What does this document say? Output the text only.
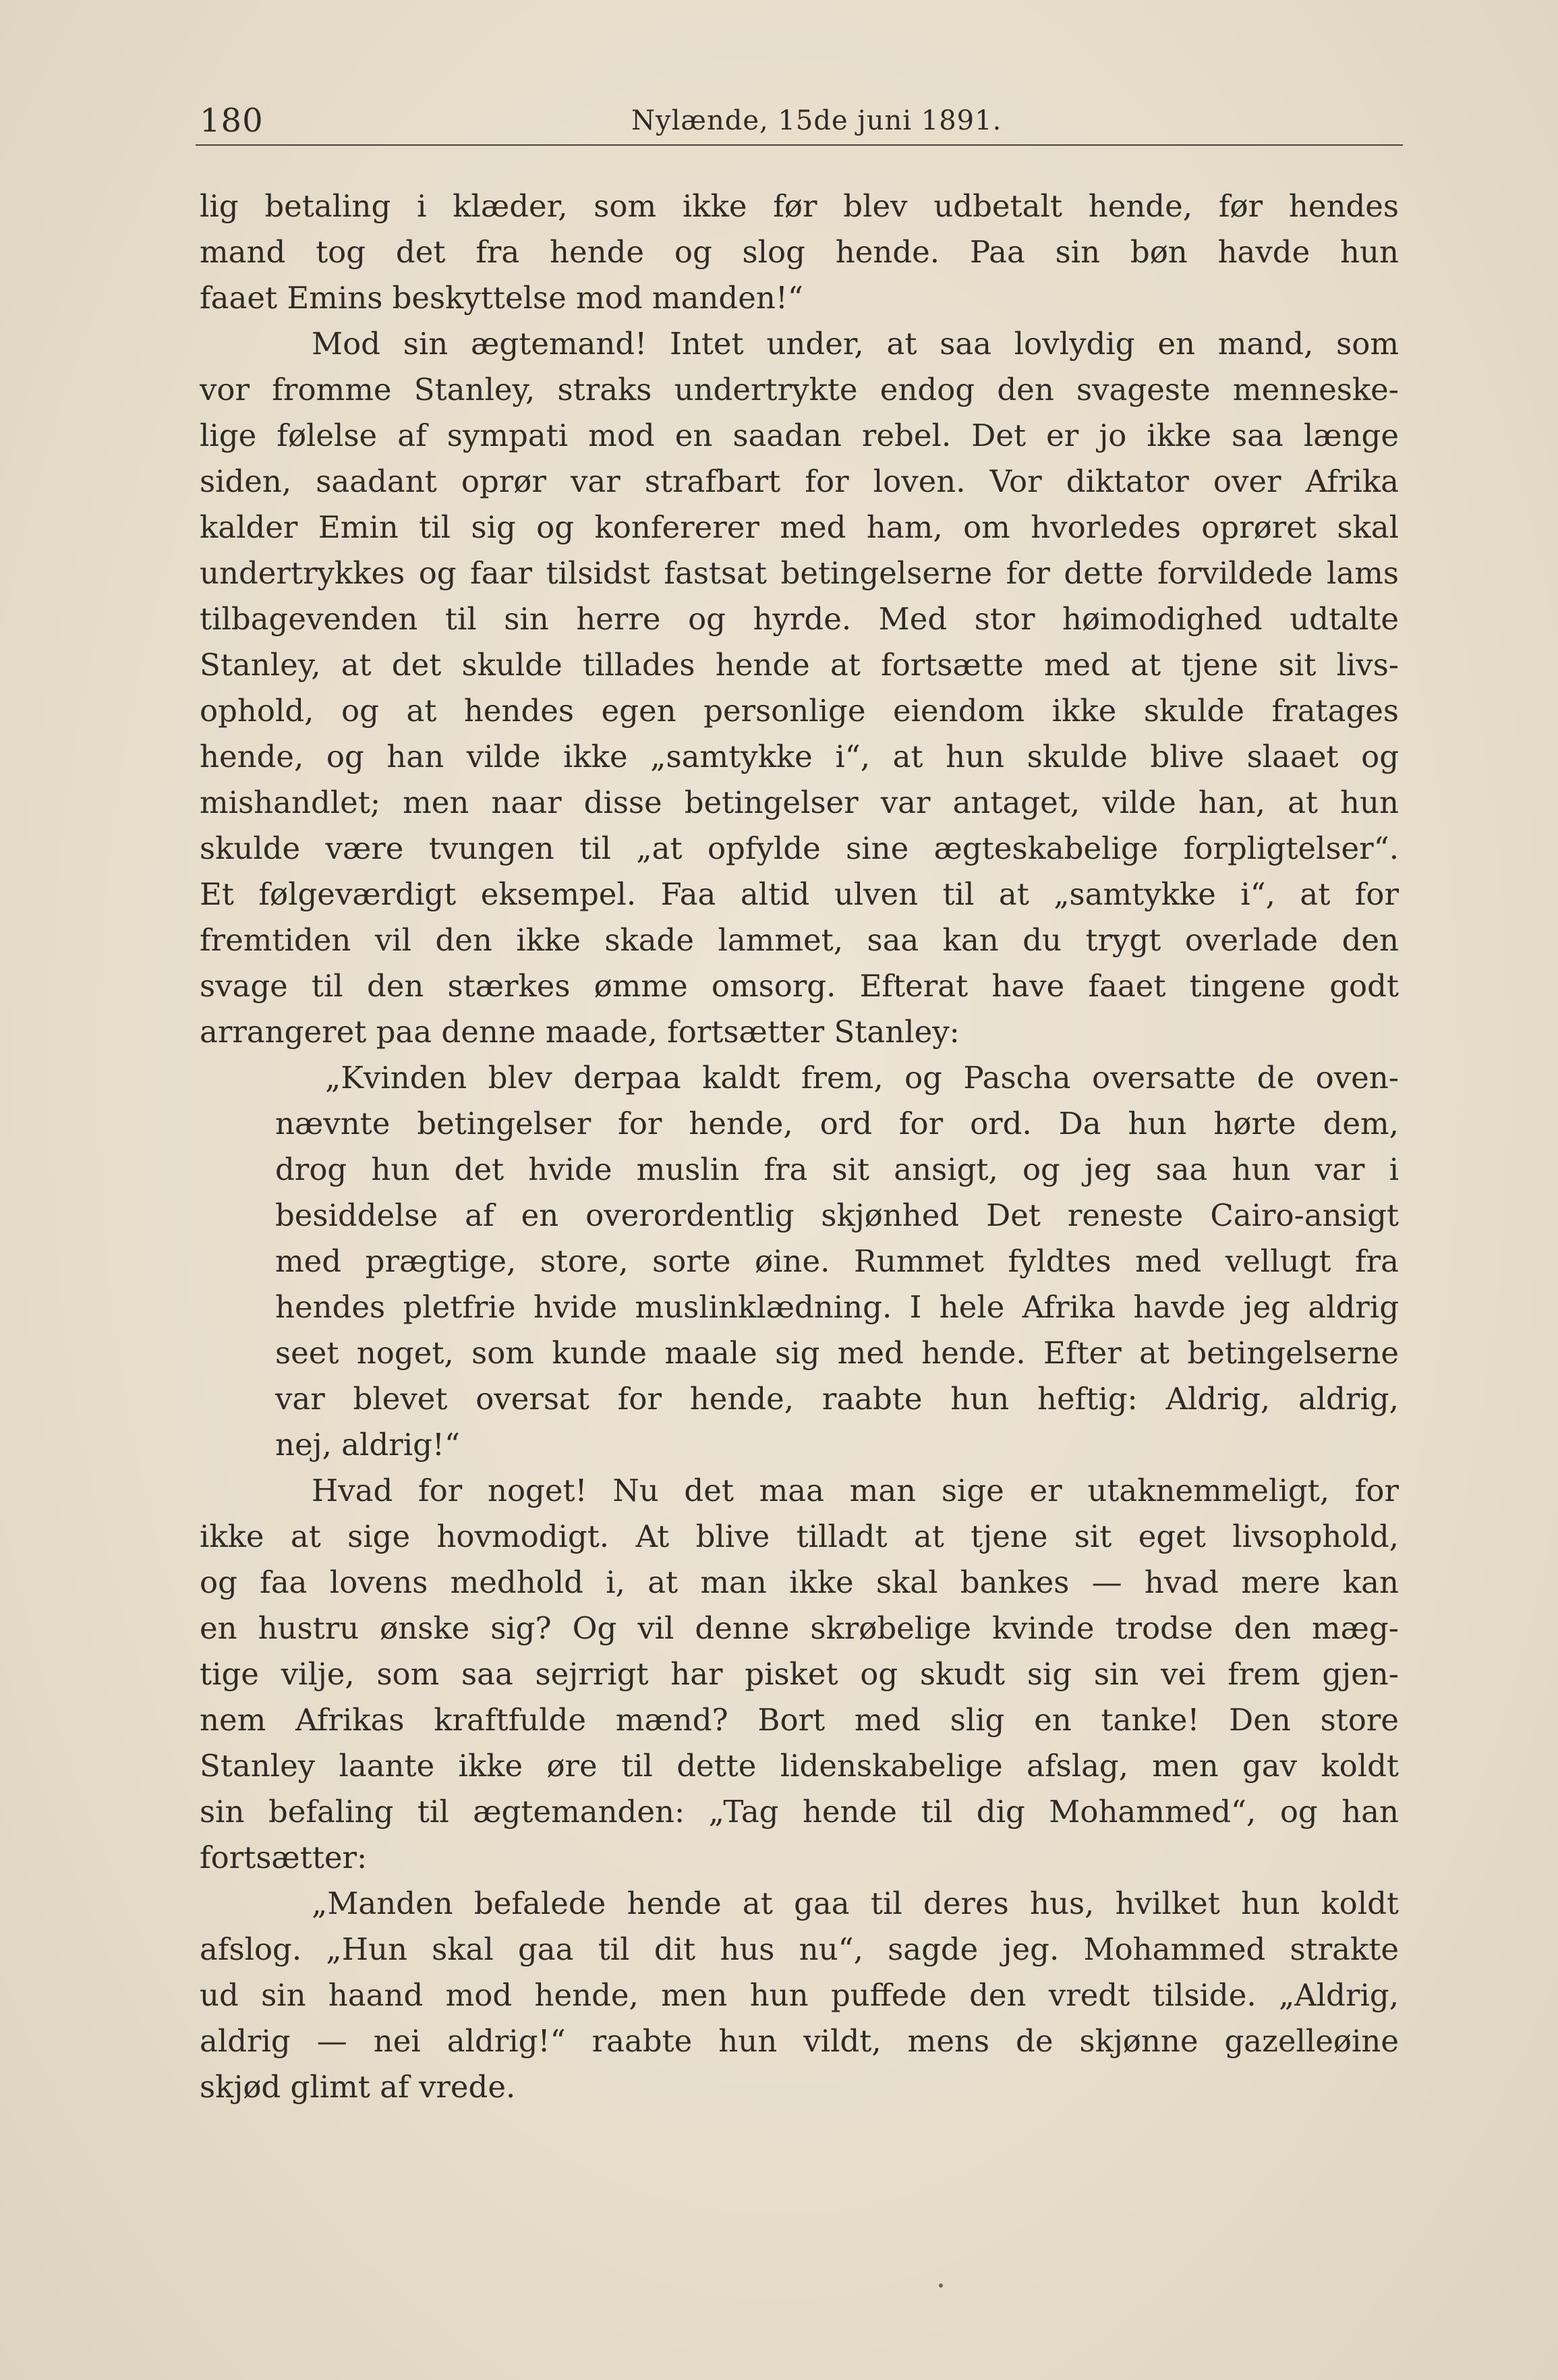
180	Nylænde, 15de juni 1891.
lig betaling i klæder, som ikke før blev udbetalt hende, før hendes
mand tog det fra hende og slog hende. Paa sin bøn havde hun
faaet Emins beskyttelse mod manden!“
Mod sin ægtemand! Intet under, at saa lovlydig en mand, som
vor fromme Stanley, straks undertrykte endog den svageste menneske-
lige følelse af sympati mod en saadan rebel. Det er jo ikke saa længe
siden, saadant oprør var strafbart for loven. Vor diktator over Afrika
kalder Emin til sig og konfererer med ham, om hvorledes oprøret skal
undertrykkes og faar tilsidst fastsat betingelserne for dette forvildede lams
tilbagevenden til sin herre og hyrde. Med stor høimodighed udtalte
Stanley, at det skulde tillades hende at fortsætte med at tjene sit livs-
ophold, og at hendes egen personlige eiendom ikke skulde fratages
hende, og han vilde ikke „samtykke i“, at hun skulde blive slaaet og
mishandlet; men naar disse betingelser var antaget, vilde han, at hun
skulde være tvungen til „at opfylde sine ægteskabelige forpligtelser“.
Et følgeværdigt eksempel. Faa altid ulven til at „samtykke i“, at for
fremtiden vil den ikke skade lammet, saa kan du trygt overlade den
svage til den stærkes ømme omsorg. Efterat have faaet tingene godt
arrangeret paa denne maade, fortsætter Stanley:
„Kvinden blev derpaa kaldt frem, og Pascha oversatte de oven-
nævnte betingelser for hende, ord for ord. Da hun hørte dem,
drog hun det hvide muslin fra sit ansigt, og jeg saa hun var i
besiddelse af en overordentlig skjønhed Det reneste Cairo-ansigt
med prægtige, store, sorte øine. Rummet fyldtes med vellugt fra
hendes pletfrie hvide muslinklædning. I hele Afrika havde jeg aldrig
seet noget, som kunde maale sig med hende. Efter at betingelserne
var blevet oversat for hende, raabte hun heftig: Aldrig, aldrig,
nej, aldrig!“
Hvad for noget! Nu det maa man sige er utaknemmeligt, for
ikke at sige hovmodigt. At blive tilladt at tjene sit eget livsophold,
og faa lovens medhold i, at man ikke skal bankes — hvad mere kan
en hustru ønske sig? Og vil denne skrøbelige kvinde trodse den mæg-
tige vilje, som saa sejrrigt har pisket og skudt sig sin vei frem gjen-
nem Afrikas kraftfulde mænd? Bort med slig en tanke! Den store
Stanley laante ikke øre til dette lidenskabelige afslag, men gav koldt
sin befaling til ægtemanden: „Tag hende til dig Mohammed“, og han
fortsætter:
„Manden befalede hende at gaa til deres hus, hvilket hun koldt
afslog. „Hun skal gaa til dit hus nu“, sagde jeg. Mohammed strakte
ud sin haand mod hende, men hun puffede den vredt tilside. „Aldrig,
aldrig — nei aldrig!“ raabte hun vildt, mens de skjønne gazelleøine
skjød glimt af vrede.
